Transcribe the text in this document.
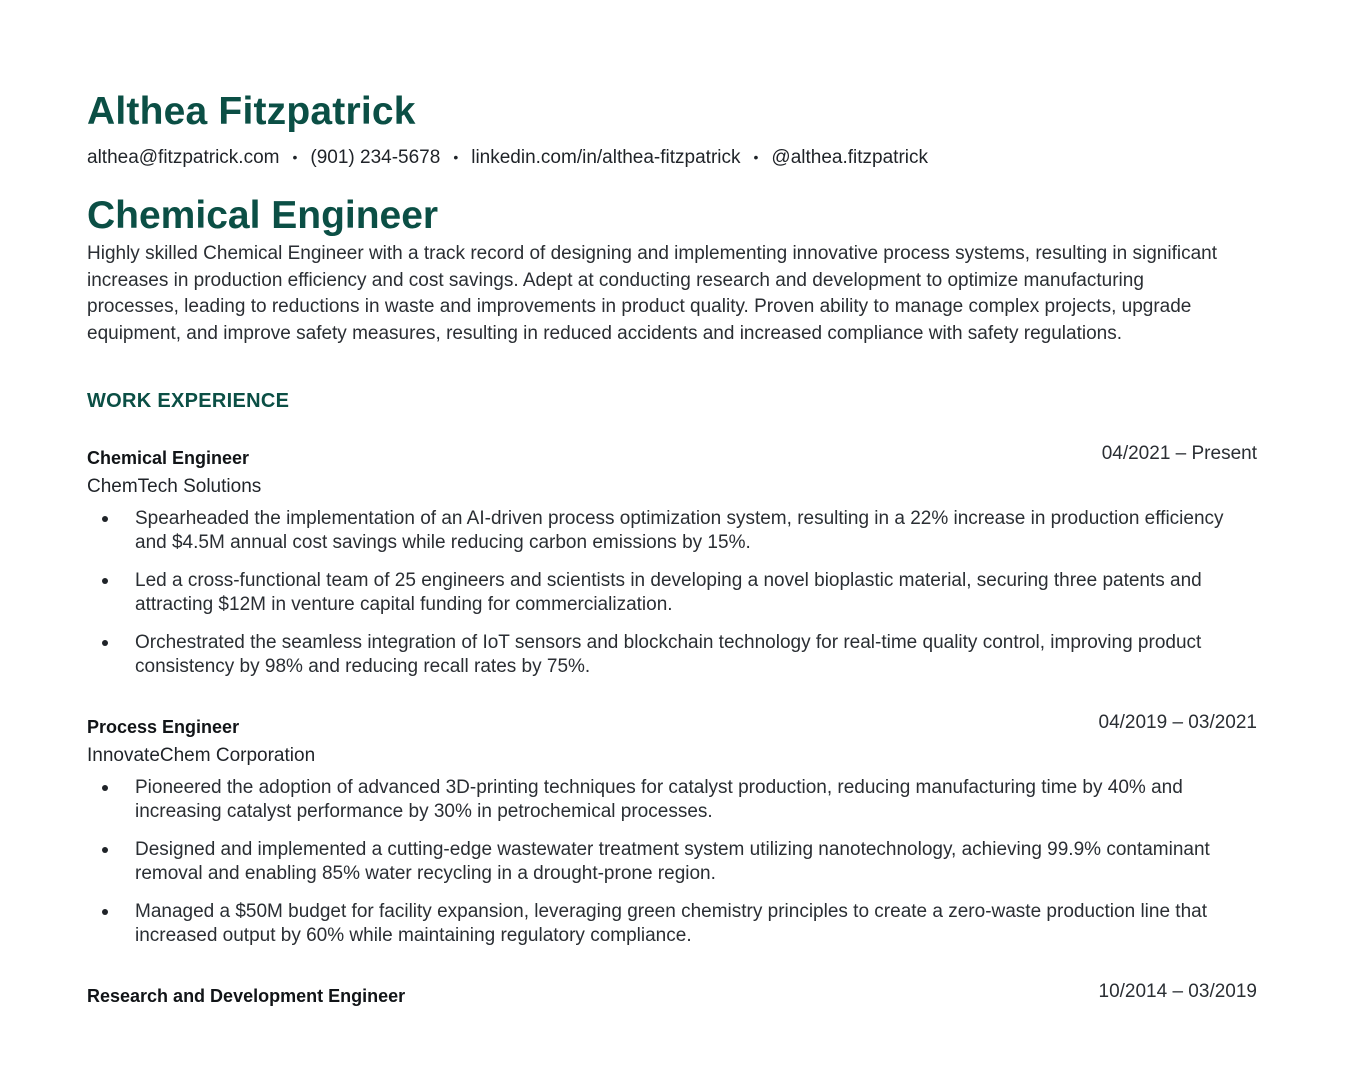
Althea Fitzpatrick
althea@fitzpatrick.com • (901) 234-5678 • linkedin.com/in/althea-fitzpatrick • @althea.fitzpatrick
Chemical Engineer

Highly skilled Chemical Engineer with a track record of designing and implementing innovative process systems, resulting in significant increases in production efficiency and cost savings. Adept at conducting research and development to optimize manufacturing processes, leading to reductions in waste and improvements in product quality. Proven ability to manage complex projects, upgrade equipment, and improve safety measures, resulting in reduced accidents and increased compliance with safety regulations.

WORK EXPERIENCE
Chemical Engineer	04/2021 – Present
ChemTech Solutions
Spearheaded the implementation of an AI-driven process optimization system, resulting in a 22% increase in production efficiency and $4.5M annual cost savings while reducing carbon emissions by 15%.
Led a cross-functional team of 25 engineers and scientists in developing a novel bioplastic material, securing three patents and attracting $12M in venture capital funding for commercialization.
Orchestrated the seamless integration of IoT sensors and blockchain technology for real-time quality control, improving product consistency by 98% and reducing recall rates by 75%.
Process Engineer	04/2019 – 03/2021
InnovateChem Corporation
Pioneered the adoption of advanced 3D-printing techniques for catalyst production, reducing manufacturing time by 40% and increasing catalyst performance by 30% in petrochemical processes.
Designed and implemented a cutting-edge wastewater treatment system utilizing nanotechnology, achieving 99.9% contaminant removal and enabling 85% water recycling in a drought-prone region.
Managed a $50M budget for facility expansion, leveraging green chemistry principles to create a zero-waste production line that increased output by 60% while maintaining regulatory compliance.
Research and Development Engineer	10/2014 – 03/2019
